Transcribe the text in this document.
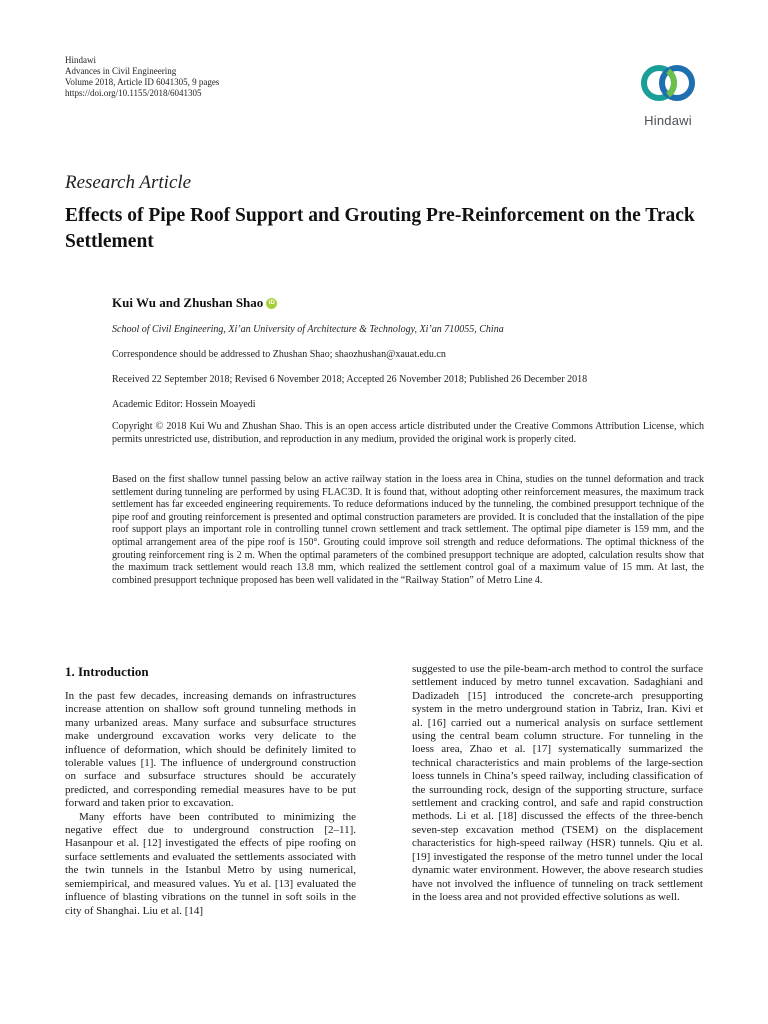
Hindawi
Advances in Civil Engineering
Volume 2018, Article ID 6041305, 9 pages
https://doi.org/10.1155/2018/6041305
Hindawi
Research Article
Effects of Pipe Roof Support and Grouting Pre-Reinforcement on the Track Settlement
Kui Wu and Zhushan Shao iD
School of Civil Engineering, Xi’an University of Architecture & Technology, Xi’an 710055, China
Correspondence should be addressed to Zhushan Shao; shaozhushan@xauat.edu.cn
Received 22 September 2018; Revised 6 November 2018; Accepted 26 November 2018; Published 26 December 2018
Academic Editor: Hossein Moayedi
Copyright © 2018 Kui Wu and Zhushan Shao. This is an open access article distributed under the Creative Commons Attribution License, which permits unrestricted use, distribution, and reproduction in any medium, provided the original work is properly cited.
Based on the first shallow tunnel passing below an active railway station in the loess area in China, studies on the tunnel deformation and track settlement during tunneling are performed by using FLAC3D. It is found that, without adopting other reinforcement measures, the maximum track settlement has far exceeded engineering requirements. To reduce deformations induced by the tunneling, the combined presupport technique of the pipe roof and grouting reinforcement is presented and optimal construction parameters are provided. It is concluded that the installation of the pipe roof support plays an important role in controlling tunnel crown settlement and track settlement. The optimal pipe diameter is 159 mm, and the optimal arrangement area of the pipe roof is 150°. Grouting could improve soil strength and reduce deformations. The optimal thickness of the grouting reinforcement ring is 2 m. When the optimal parameters of the combined presupport technique are adopted, calculation results show that the maximum track settlement would reach 13.8 mm, which realized the settlement control goal of a maximum value of 15 mm. At last, the combined presupport technique proposed has been well validated in the “Railway Station” of Metro Line 4.
1. Introduction

In the past few decades, increasing demands on infrastructures increase attention on shallow soft ground tunneling methods in many urbanized areas. Many surface and subsurface structures make underground excavation works very delicate to the influence of deformation, which should be definitely limited to tolerable values [1]. The influence of underground construction on surface and subsurface structures should be accurately predicted, and corresponding remedial measures have to be put forward and taken prior to excavation.

Many efforts have been contributed to minimizing the negative effect due to underground construction [2–11]. Hasanpour et al. [12] investigated the effects of pipe roofing on surface settlements and evaluated the settlements associated with the twin tunnels in the Istanbul Metro by using numerical, semiempirical, and measured values. Yu et al. [13] evaluated the influence of blasting vibrations on the tunnel in soft soils in the city of Shanghai. Liu et al. [14]

suggested to use the pile-beam-arch method to control the surface settlement induced by metro tunnel excavation. Sadaghiani and Dadizadeh [15] introduced the concrete-arch presupporting system in the metro underground station in Tabriz, Iran. Kivi et al. [16] carried out a numerical analysis on surface settlement using the central beam column structure. For tunneling in the loess area, Zhao et al. [17] systematically summarized the technical characteristics and main problems of the large-section loess tunnels in China’s speed railway, including classification of the surrounding rock, design of the supporting structure, surface settlement and cracking control, and safe and rapid construction methods. Li et al. [18] discussed the effects of the three-bench seven-step excavation method (TSEM) on the displacement characteristics for high-speed railway (HSR) tunnels. Qiu et al. [19] investigated the response of the metro tunnel under the local dynamic water environment. However, the above research studies have not involved the influence of tunneling on track settlement in the loess area and not provided effective solutions as well.
